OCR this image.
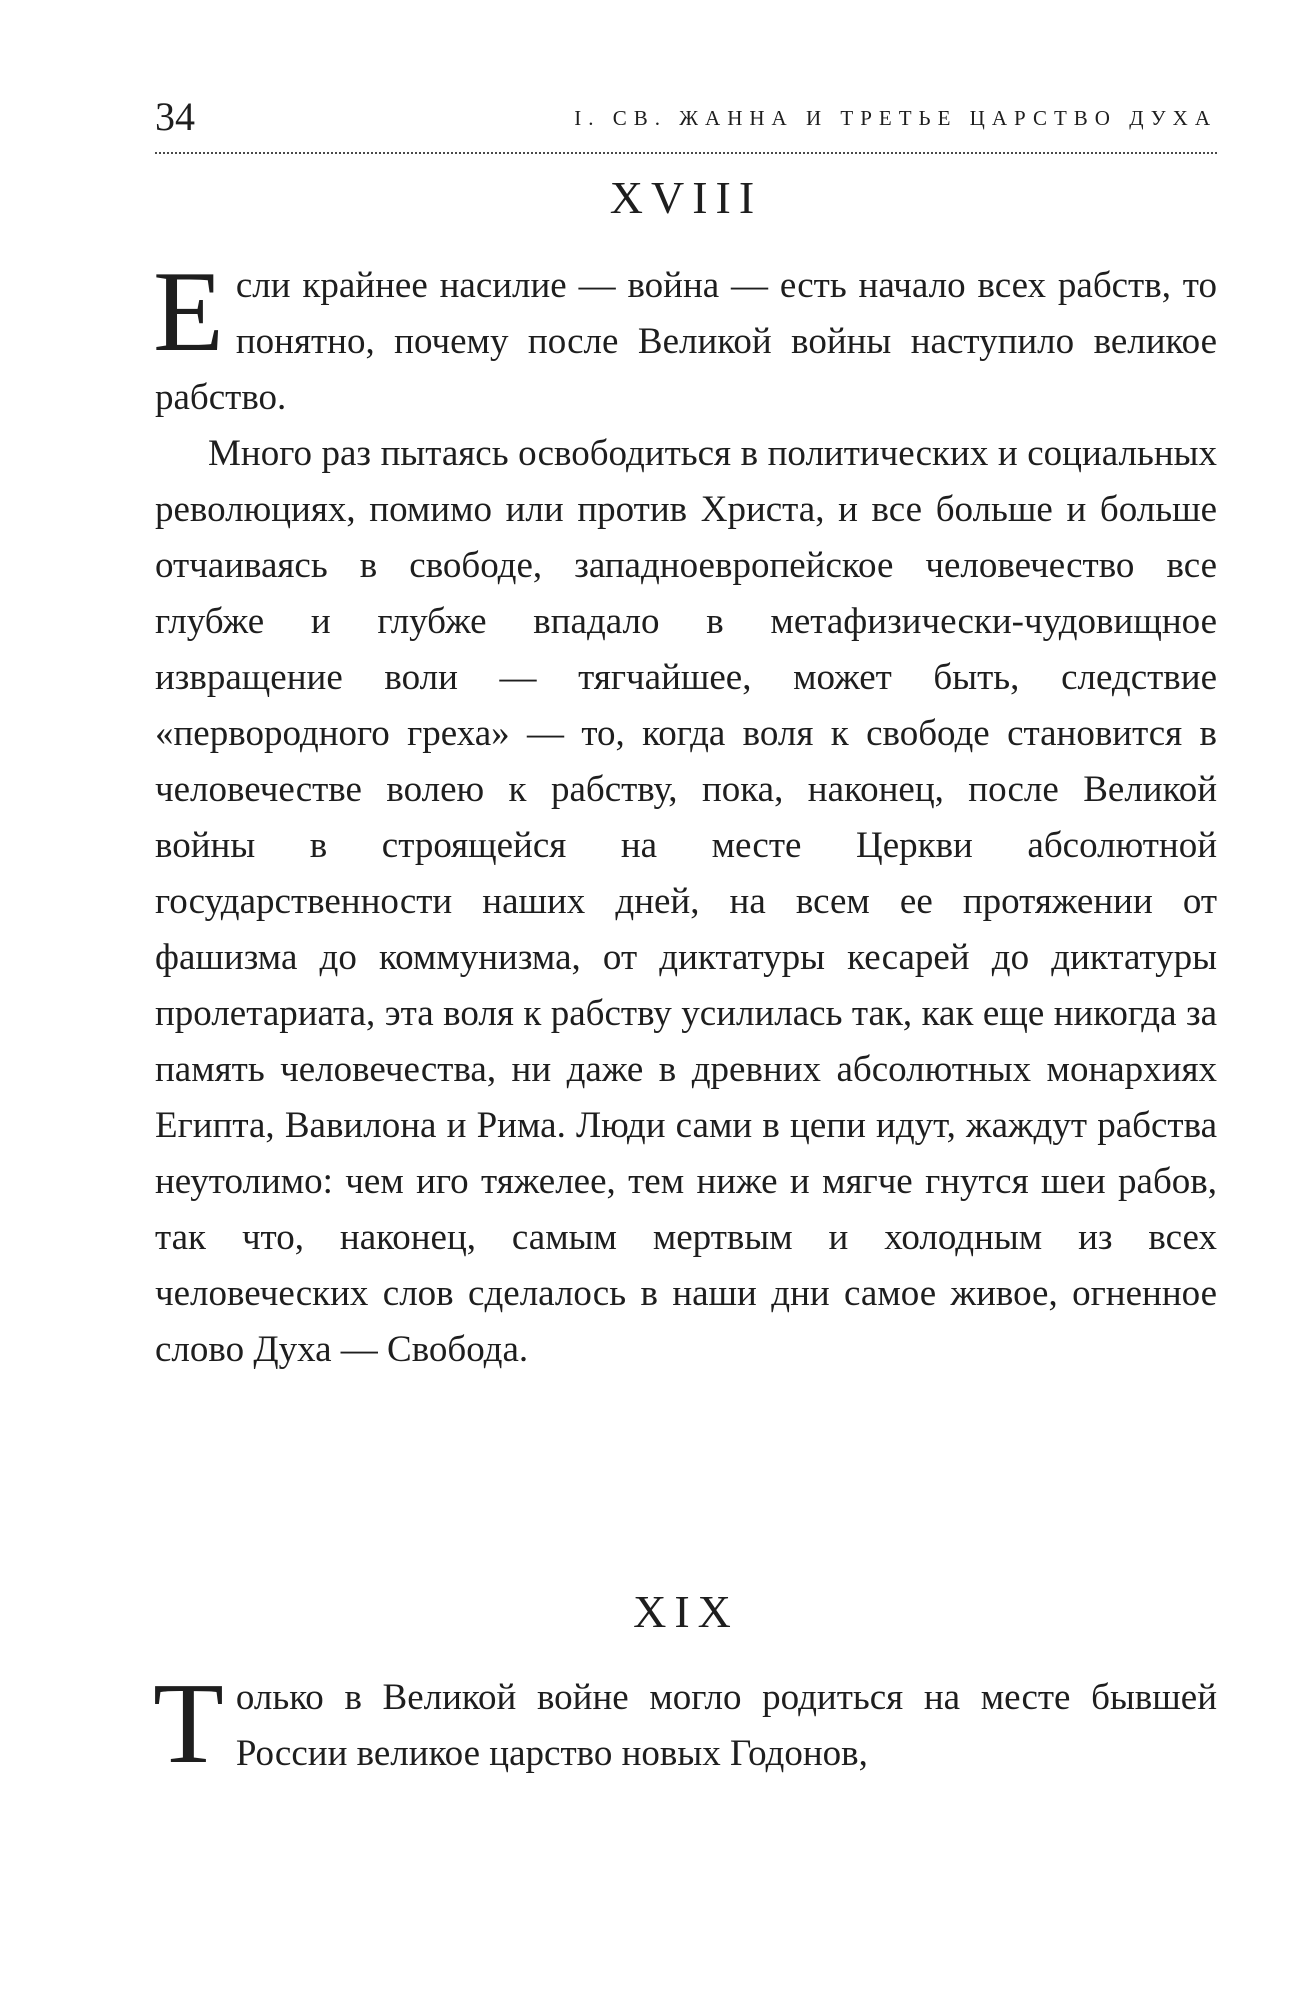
34	I. СВ. ЖАННА И ТРЕТЬЕ ЦАРСТВО ДУХА
XVIII

Если крайнее насилие — война — есть начало всех рабств, то понятно, почему после Великой войны наступило великое рабство.

Много раз пытаясь освободиться в политических и социальных революциях, помимо или против Христа, и все больше и больше отчаиваясь в свободе, западноевропейское человечество все глубже и глубже впадало в метафизически-чудовищное извращение воли — тягчайшее, может быть, следствие «первородного греха» — то, когда воля к свободе становится в человечестве волею к рабству, пока, наконец, после Великой войны в строящейся на месте Церкви абсолютной государственности наших дней, на всем ее протяжении от фашизма до коммунизма, от диктатуры кесарей до диктатуры пролетариата, эта воля к рабству усилилась так, как еще никогда за память человечества, ни даже в древних абсолютных монархиях Египта, Вавилона и Рима. Люди сами в цепи идут, жаждут рабства неутолимо: чем иго тяжелее, тем ниже и мягче гнутся шеи рабов, так что, наконец, самым мертвым и холодным из всех человеческих слов сделалось в наши дни самое живое, огненное слово Духа — Свобода.

XIX

Только в Великой войне могло родиться на месте бывшей России великое царство новых Годонов,
